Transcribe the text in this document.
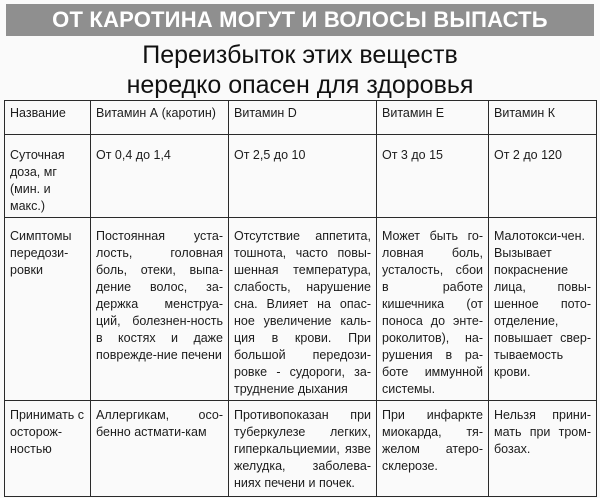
ОТ КАРОТИНА МОГУТ И ВОЛОСЫ ВЫПАСТЬ
Переизбыток этих веществ
нередко опасен для здоровья
Название	Витамин А (каротин)	Витамин D	Витамин Е	Витамин К
Суточная доза, мг (мин. и макс.)	От 0,4 до 1,4	От 2,5 до 10	От 3 до 15	От 2 до 120
Симптомы передози-ровки	Постоянная уста-лость, головная боль, отеки, выпа-дение волос, за-держка менструа-ций, болезнен-ность в костях и даже поврежде-ние печени	Отсутствие аппетита, тошнота, часто повы-шенная температура, слабость, нарушение сна. Влияет на опас-ное увеличение каль-ция в крови. При большой передози-ровке - судороги, за-труднение дыхания	Может быть го-ловная боль, усталость, сбои в работе кишечника (от поноса до энте-роколитов), на-рушения в ра-боте иммунной системы.	Малотокси-чен. Вызывает покраснение лица, повы-шенное пото-отделение, повышает свер-тываемость крови.
Принимать с осторож-ностью	Аллергикам, осо-бенно астмати-кам	Противопоказан при туберкулезе легких, гиперкальциемии, язве желудка, заболева-ниях печени и почек.	При инфаркте миокарда, тя-желом атеро-склерозе.	Нельзя прини-мать при тром-бозах.
